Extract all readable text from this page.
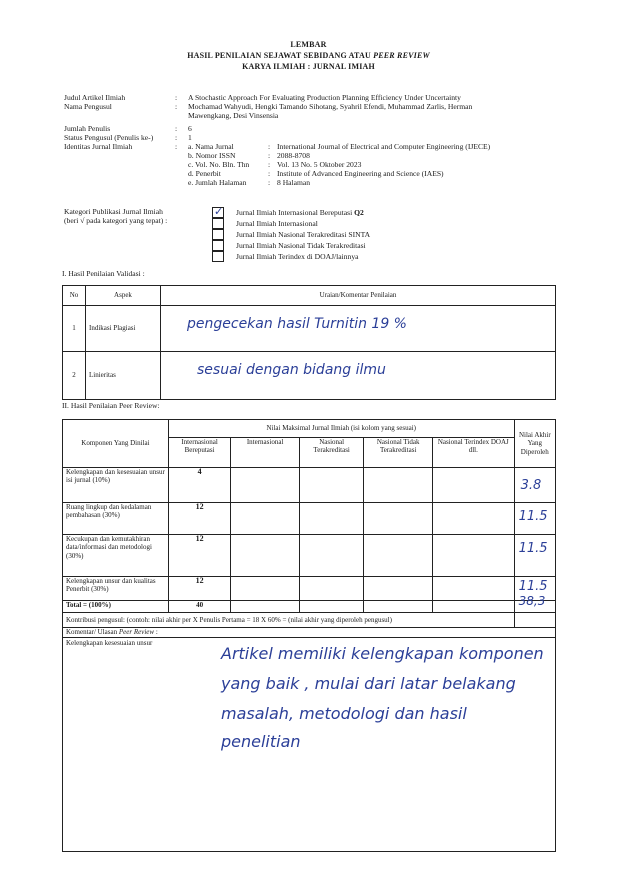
LEMBAR
HASIL PENILAIAN SEJAWAT SEBIDANG ATAU PEER REVIEW
KARYA ILMIAH : JURNAL IMIAH
Judul Artikel Ilmiah	: A Stochastic Approach For Evaluating Production Planning Efficiency Under Uncertainty
Nama Pengusul	: Mochamad Wahyudi, Hengki Tamando Sihotang, Syahril Efendi, Muhammad Zarlis, Herman
Mawengkang, Desi Vinsensia
Jumlah Penulis	: 6
Status Pengusul (Penulis ke-)	: 1
Identitas Jurnal Ilmiah	: a. Nama Jurnal	: International Journal of Electrical and Computer Engineering (IJECE)
b. Nomor ISSN	: 2088-8708
c. Vol. No. Bln. Thn : Vol. 13 No. 5 Oktober 2023
d. Penerbit	: Institute of Advanced Engineering and Science (IAES)
e. Jumlah Halaman	: 8 Halaman
Kategori Publikasi Jurnal Ilmiah
(beri √ pada kategori yang tepat) :
✓ Jurnal Ilmiah Internasional Bereputasi Q2
Jurnal Ilmiah Internasional
Jurnal Ilmiah Nasional Terakreditasi SINTA
Jurnal Ilmiah Nasional Tidak Terakreditasi
Jurnal Ilmiah Terindex di DOAJ/lainnya
I. Hasil Penilaian Validasi :
No	Aspek	Uraian/Komentar Penilaian
1	Indikasi Plagiasi	pengecekan hasil Turnitin 19 %

2	Linieritas	sesuai dengan bidang ilmu
II. Hasil Penilaian Peer Review:
Komponen Yang Dinilai	Nilai Maksimal Jurnal Ilmiah (isi kolom yang sesuai)					Nilai Akhir Yang Diperoleh
	Internasional Bereputasi	Internasional	Nasional Terakreditasi	Nasional Tidak Terakreditasi	Nasional Terindex DOAJ dll.	
Kelengkapan dan kesesuaian unsur isi jurnal (10%)	4					3.8

Ruang lingkup dan kedalaman pembahasan (30%)	12					11.5

Kecukupan dan kemutakhiran data/informasi dan metodologi (30%)	12					11.5

Kelengkapan unsur dan kualitas Penerbit (30%)	12					11.5

Total = (100%)	40					38,3

Kontribusi pengusul: (contoh: nilai akhir per X Penulis Pertama = 18 X 60% = (nilai akhir yang diperoleh pengusul)						
Komentar/ Ulasan Peer Review :						

Kelengkapan kesesuaian unsur
Artikel memiliki kelengkapan komponen
yang baik , mulai dari latar belakang
masalah, metodologi dan hasil
penelitian						
